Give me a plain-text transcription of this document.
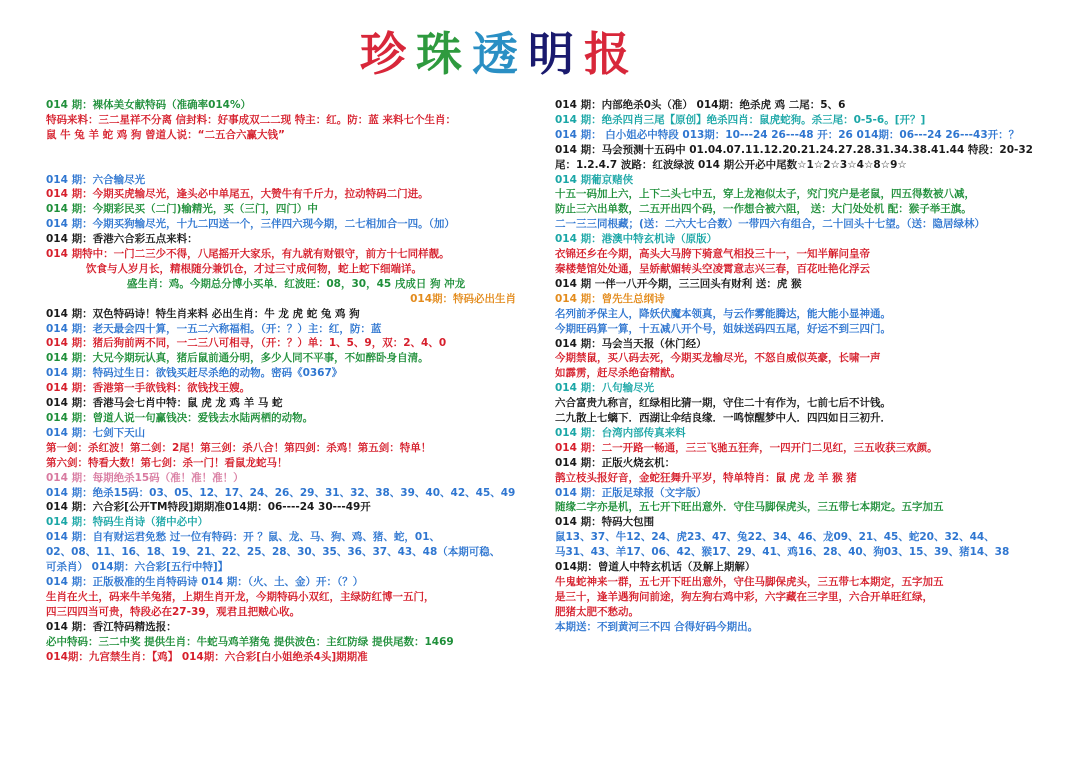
珍珠透明报
014 期：裸体美女献特码（准确率014%）
特码来料：三二星祥不分离 信封料：好事成双二二现 特主：红。防：蓝 来料七个生肖：
鼠 牛 兔 羊 蛇 鸡 狗 曾道人说：“二五合六赢大钱”
014 期：六合输尽光
014 期：今期买虎输尽光，逢头必中单尾五，大赞牛有千斤力，拉动特码二门进。
014 期：今期彩民买（二门)输精光，买（三门，四门）中
014 期：今期买狗输尽光，十九二四送一个，三伴四六现今期，二七相加合一四。（加）
014 期：香港六合彩五点来料：
014 期特中：一门二三少不得，八尾摇开大家乐，有九就有财银守，前方十七同样靓。
饮食与人岁月长，精根随分兼饥仓，才过三寸成何物，蛇上蛇下细端详。
盛生肖：鸡。今期总分博小买单．红波旺：08，30，45 戌成日 狗 冲龙
014期：特码必出生肖
014 期：双色特码诗！特生肖来料 必出生肖：牛 龙 虎 蛇 兔 鸡 狗
014 期：老天最会四十算，一五二六称福相。（开：？）主：红，防：蓝
014 期：猪后狗前两不同，一二三八可相寻，（开：？）单：1、5、9，双：2、4、0
014 期：大兄今期玩认真，猪后鼠前通分明，多少人同不平事，不如醉卧身自清。
014 期：特码过生日：欲钱买赶尽杀绝的动物。密码《0367》
014 期：香港第一手欲钱料：欲钱找王嫂。
014 期：香港马会七肖中特：鼠 虎 龙 鸡 羊 马 蛇
014 期：曾道人说一句赢钱决：爱钱去水陆两栖的动物。
014 期：七剑下天山
第一剑：杀红波！第二剑：2尾！第三剑：杀八合！第四剑：杀鸡！第五剑：特单！
第六剑：特看大数！第七剑：杀一门！看鼠龙蛇马！
014 期：每期绝杀15码（准！准！准！）
014 期：绝杀15码：03、05、12、17、24、26、29、31、32、38、39、40、42、45、49
014 期：六合彩[公开TM特段]期期准014期：06----24 30---49开
014 期：特码生肖诗（猪中必中）
014 期：自有财运君免愁 过一位有特码：开 ？鼠、龙、马、狗、鸡、猪、蛇，01、
02、08、11、16、18、19、21、22、25、28、30、35、36、37、43、48（本期可稳、
可杀肖） 014期：六合彩[五行中特]】
014 期：正版极准的生肖特码诗 014 期：（火、土、金）开：（？）
生肖在火土，码来牛羊兔猪，上期生肖开龙，今期特码小双红，主绿防红博一五门，
四三四四当可贵，特段必在27-39，观君且把贼心收。
014 期：香江特码精选报：
必中特码：三二中奖 提供生肖：牛蛇马鸡羊猪兔 提供波色：主红防绿 提供尾数：1469
014期：九宫禁生肖：【鸡】 014期：六合彩[白小姐绝杀4头]期期准
014 期：内部绝杀0头（准） 014期：绝杀虎 鸡 二尾：5、6
014 期：绝杀四肖三尾【原创】绝杀四肖：鼠虎蛇狗。杀三尾：0-5-6。[开？]
014 期： 白小姐必中特段 013期：10---24 26---48 开：26 014期：06---24 26---43开：？
014 期：马会预测十五码中 01.04.07.11.12.20.21.24.27.28.31.34.38.41.44 特段：20-32
尾：1.2.4.7 波路：红波绿波 014 期公开必中尾数☆1☆2☆3☆4☆8☆9☆
014 期葡京赌侠
十五一码加上六，上下二头七中五，穿上龙袍似太子，究门究户是老鼠，四五得数被八减，
防止三六出单数，二五开出四个码，一作想合被六阻， 送：大门处处机 配：猴子举王旗。
二一三三同根藏；(送：二六大七合数）一带四六有组合，二十回头十七望。（送：隐居绿林）
014 期：港澳中特玄机诗（原版）
衣锦还乡在今期，高头大马胯下骑意气相投三十一，一知半解问皇帝
秦楼楚馆处处通，呈娇献媚转头空凌霄意志兴三春，百花吐艳化浮云
014 期 一伴一八开今期，三三回头有财利 送：虎 猴
014 期：曾先生总纲诗
名列前矛保主人，降妖伏魔本领真，与云作雾能腾达，能大能小显神通。
今期旺码算一算，十五减八开个号，姐妹送码四五尾，好运不到三四门。
014 期：马会当天报（休门经）
今期禁鼠，买八码去死，今期买龙输尽光，不怒自威似英豪，长啸一声
如霹雳，赶尽杀绝奋精猷。
014 期：八句输尽光
六合富贵九称言，红绿相比猜一期，守住二十有作为，七前七后不计钱。
二九散上七螭下．西湖让伞结良缘．一鸣惊醒梦中人．四四如日三初升．
014 期：台湾内部传真来料
014 期：二一开路一畅通，三三飞驰五狂奔，一四开门二见红，三五收获三欢颜。
014 期：正版火烧玄机：
鹊立枝头报好音，金蛇狂舞升平岁，特单特肖：鼠 虎 龙 羊 猴 猪
014 期：正版足球报（文字版）
随缘二字亦是机，五七开下旺出意外．守住马脚保虎头，三五带七本期定。五字加五
014 期：特码大包围
鼠13、37、牛12、24、虎23、47、兔22、34、46、龙09、21、45、蛇20、32、44、
马31、43、羊17、06、42、猴17、29、41、鸡16、28、40、狗03、15、39、猪14、38
014期：曾道人中特玄机话（及解上期解）
牛鬼蛇神来一群，五七开下旺出意外，守住马脚保虎头，三五带七本期定，五字加五
是三十，逢羊遇狗问前途，狗左狗右鸡中彩，六字藏在三字里，六合开单旺红绿，
肥猪太肥不愁动。
本期送：不到黄河三不四 合得好码今期出。
